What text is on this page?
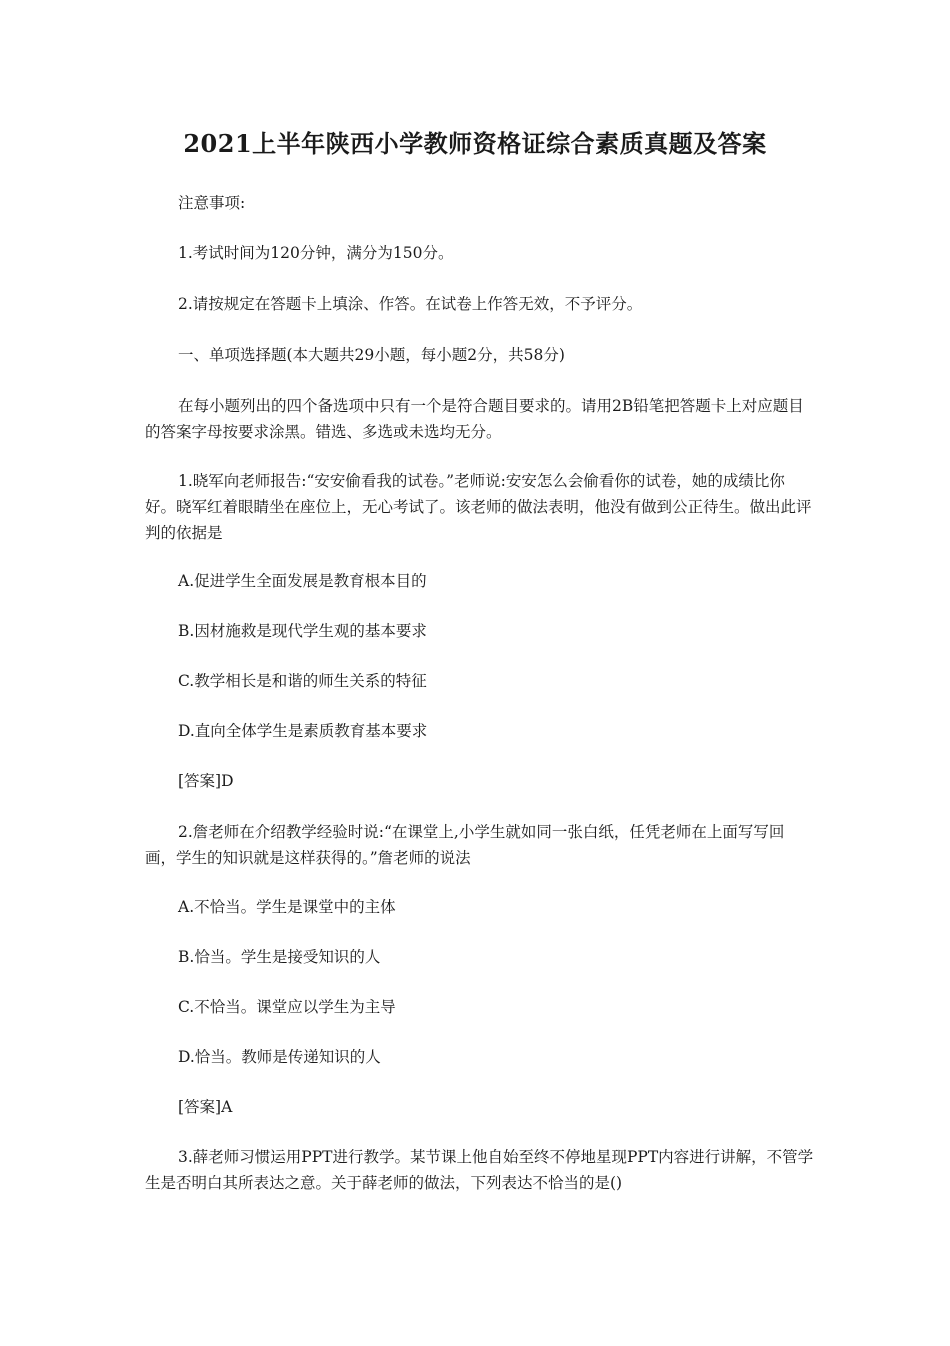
2021上半年陕西小学教师资格证综合素质真题及答案
注意事项:
1.考试时间为120分钟，满分为150分。
2.请按规定在答题卡上填涂、作答。在试卷上作答无效，不予评分。
一、单项选择题(本大题共29小题，每小题2分，共58分)
在每小题列出的四个备选项中只有一个是符合题目要求的。请用2B铅笔把答题卡上对应题目的答案字母按要求涂黑。错选、多选或未选均无分。
1.晓军向老师报告:“安安偷看我的试卷。”老师说:安安怎么会偷看你的试卷，她的成绩比你好。晓军红着眼睛坐在座位上，无心考试了。该老师的做法表明，他没有做到公正待生。做出此评判的依据是
A.促进学生全面发展是教育根本目的
B.因材施救是现代学生观的基本要求
C.教学相长是和谐的师生关系的特征
D.直向全体学生是素质教育基本要求
[答案]D
2.詹老师在介绍教学经验时说:“在课堂上,小学生就如同一张白纸，任凭老师在上面写写回画，学生的知识就是这样获得的。”詹老师的说法
A.不恰当。学生是课堂中的主体
B.恰当。学生是接受知识的人
C.不恰当。课堂应以学生为主导
D.恰当。教师是传递知识的人
[答案]A
3.薛老师习惯运用PPT进行教学。某节课上他自始至终不停地星现PPT内容进行讲解，不管学生是否明白其所表达之意。关于薛老师的做法，下列表达不恰当的是()
